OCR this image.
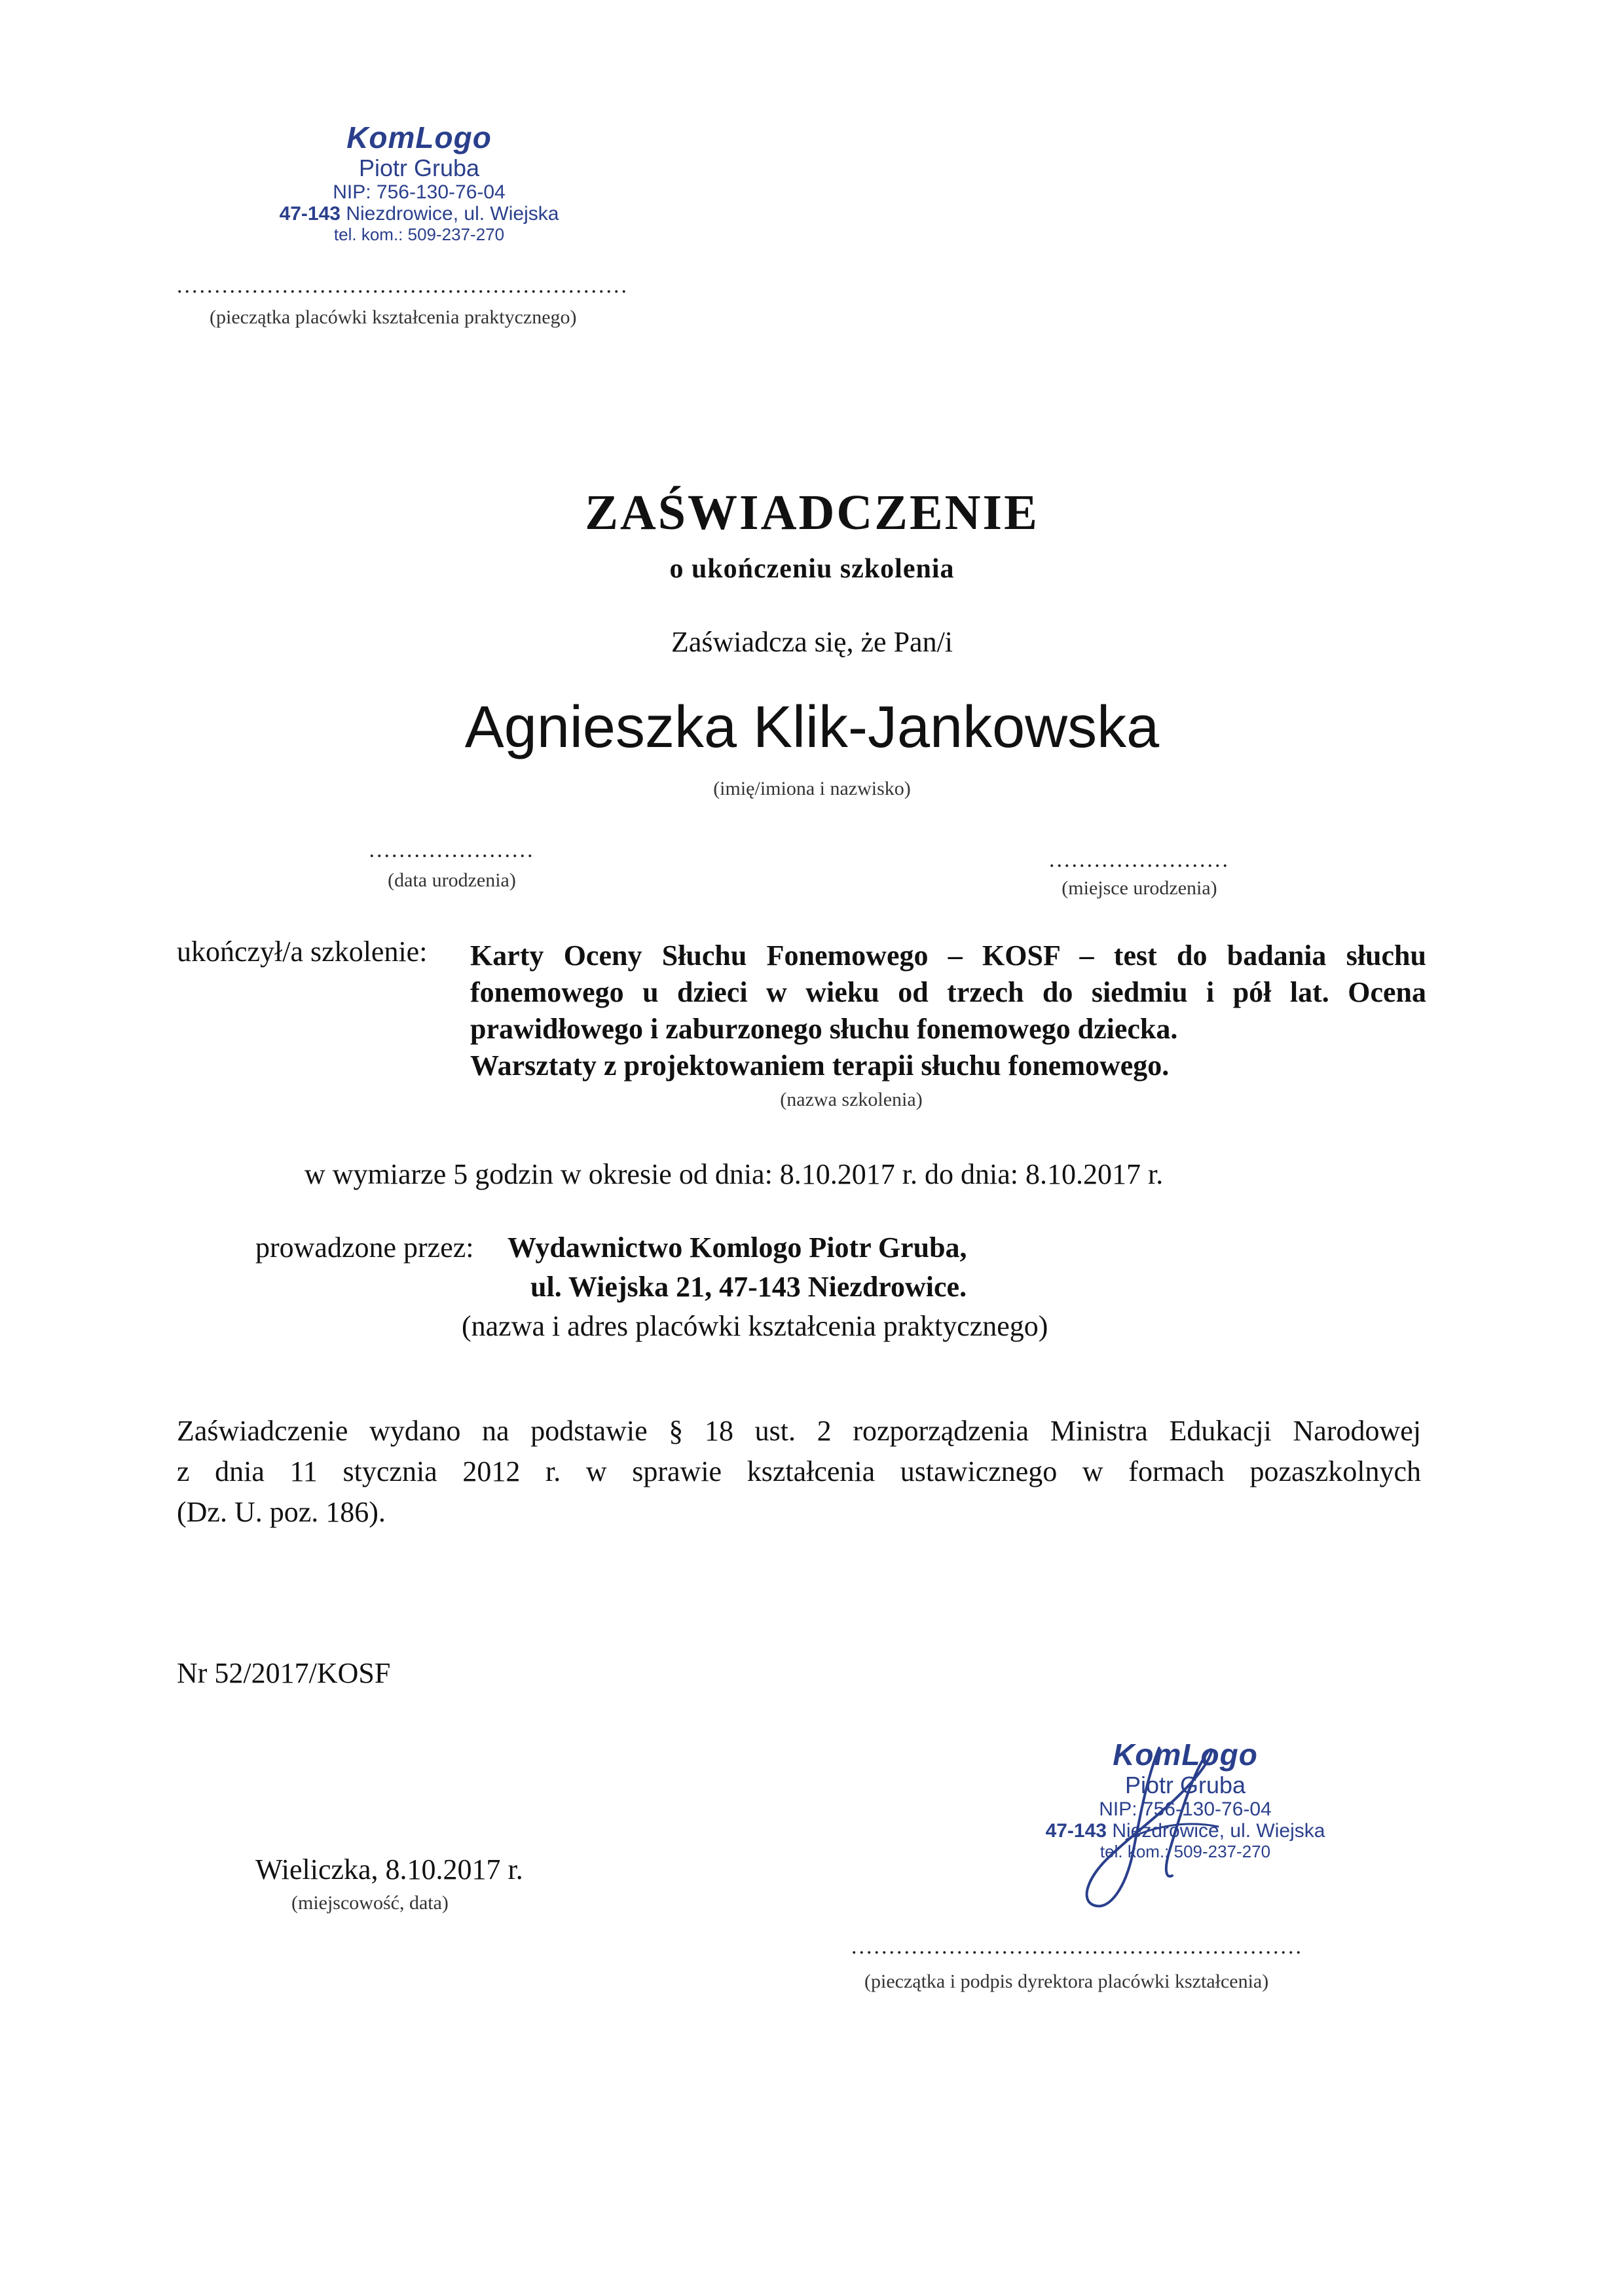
KomLogo
Piotr Gruba
NIP: 756-130-76-04
47-143 Niezdrowice, ul. Wiejska
tel. kom.: 509-237-270
............................................................
(pieczątka placówki kształcenia praktycznego)
ZAŚWIADCZENIE
o ukończeniu szkolenia
Zaświadcza się, że Pan/i
Agnieszka Klik-Jankowska
(imię/imiona i nazwisko)
......................
(data urodzenia)
........................
(miejsce urodzenia)
ukończył/a szkolenie: Karty Oceny Słuchu Fonemowego – KOSF – test do badania słuchu
fonemowego u dzieci w wieku od trzech do siedmiu i pół lat. Ocena
prawidłowego i zaburzonego słuchu fonemowego dziecka.
Warsztaty z projektowaniem terapii słuchu fonemowego.
(nazwa szkolenia)
w wymiarze 5 godzin w okresie od dnia: 8.10.2017 r. do dnia: 8.10.2017 r.
prowadzone przez: Wydawnictwo Komlogo Piotr Gruba,
ul. Wiejska 21, 47-143 Niezdrowice.
(nazwa i adres placówki kształcenia praktycznego)
Zaświadczenie wydano na podstawie § 18 ust. 2 rozporządzenia Ministra Edukacji Narodowej
z dnia 11 stycznia 2012 r. w sprawie kształcenia ustawicznego w formach pozaszkolnych
(Dz. U. poz. 186).
Nr 52/2017/KOSF
Wieliczka, 8.10.2017 r.
(miejscowość, data)
KomLogo
Piotr Gruba
NIP: 756-130-76-04
47-143 Niezdrowice, ul. Wiejska
tel. kom.: 509-237-270
............................................................
(pieczątka i podpis dyrektora placówki kształcenia)
